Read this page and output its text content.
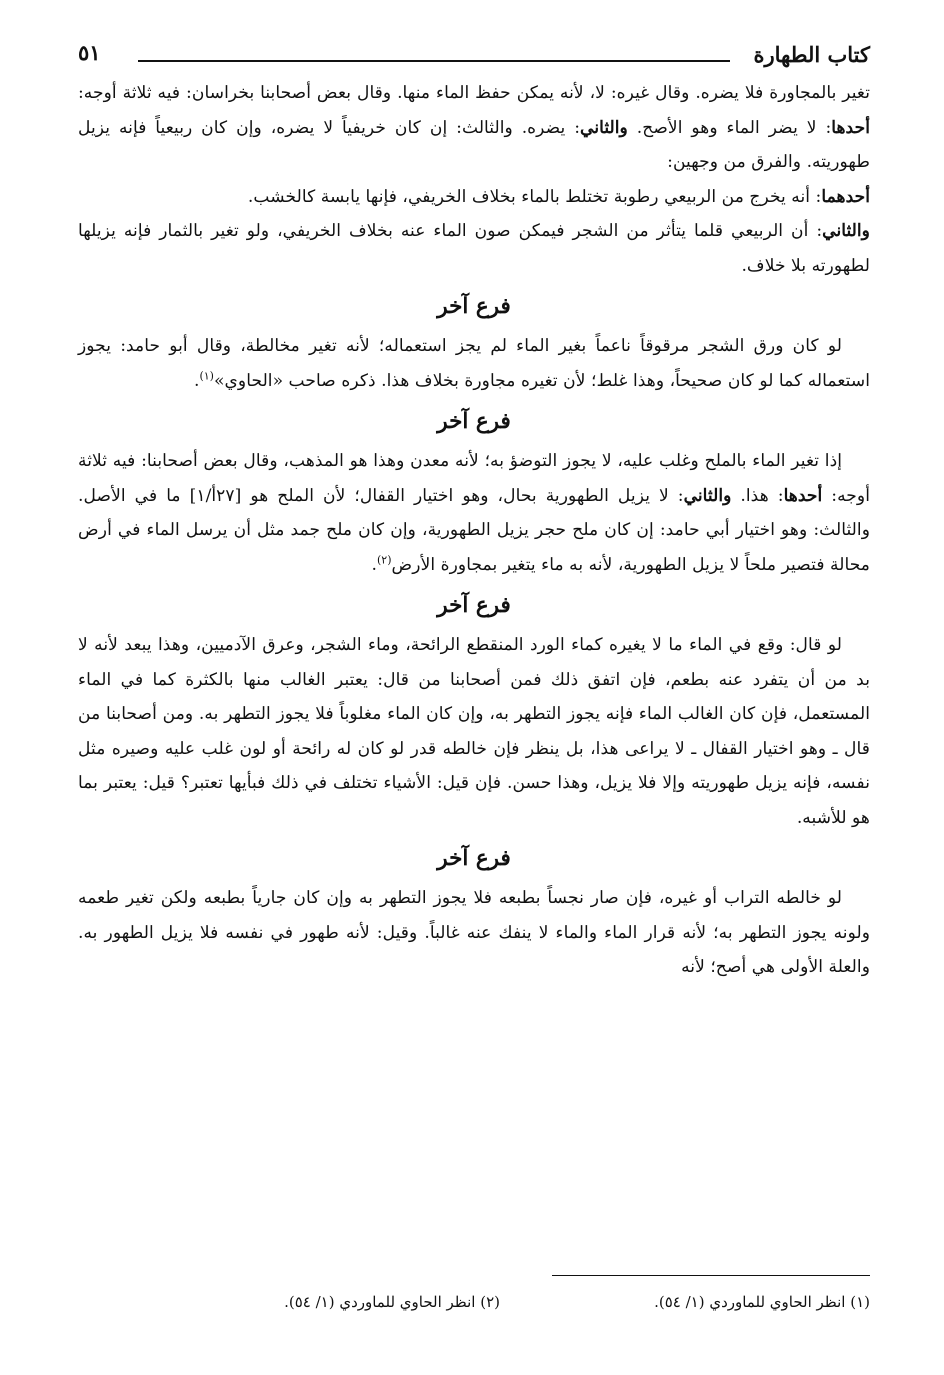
كتاب الطهارة
٥١

تغير بالمجاورة فلا يضره. وقال غيره: لا، لأنه يمكن حفظ الماء منها. وقال بعض أصحابنا بخراسان: فيه ثلاثة أوجه: أحدها: لا يضر الماء وهو الأصح. والثاني: يضره. والثالث: إن كان خريفياً لا يضره، وإن كان ربيعياً فإنه يزيل طهوريته. والفرق من وجهين:

أحدهما: أنه يخرج من الربيعي رطوبة تختلط بالماء بخلاف الخريفي، فإنها يابسة كالخشب.

والثاني: أن الربيعي قلما يتأثر من الشجر فيمكن صون الماء عنه بخلاف الخريفي، ولو تغير بالثمار فإنه يزيلها لطهورته بلا خلاف.

فرع آخر

لو كان ورق الشجر مرقوقاً ناعماً بغير الماء لم يجز استعماله؛ لأنه تغير مخالطة، وقال أبو حامد: يجوز استعماله كما لو كان صحيحاً، وهذا غلط؛ لأن تغيره مجاورة بخلاف هذا. ذكره صاحب «الحاوي»$^{(١)}$.

فرع آخر

إذا تغير الماء بالملح وغلب عليه، لا يجوز التوضؤ به؛ لأنه معدن وهذا هو المذهب، وقال بعض أصحابنا: فيه ثلاثة أوجه: أحدها: هذا. والثاني: لا يزيل الطهورية بحال، وهو اختيار القفال؛ لأن الملح هو [٢٧أ/١] ما في الأصل. والثالث: وهو اختيار أبي حامد: إن كان ملح حجر يزيل الطهورية، وإن كان ملح جمد مثل أن يرسل الماء في أرض محالة فتصير ملحاً لا يزيل الطهورية، لأنه به ماء يتغير بمجاورة الأرض$^{(٢)}$.

فرع آخر

لو قال: وقع في الماء ما لا يغيره كماء الورد المنقطع الرائحة، وماء الشجر، وعرق الآدميين، وهذا يبعد لأنه لا بد من أن يتفرد عنه بطعم، فإن اتفق ذلك فمن أصحابنا من قال: يعتبر الغالب منها بالكثرة كما في الماء المستعمل، فإن كان الغالب الماء فإنه يجوز التطهر به، وإن كان الماء مغلوباً فلا يجوز التطهر به. ومن أصحابنا من قال ـ وهو اختيار القفال ـ لا يراعى هذا، بل ينظر فإن خالطه قدر لو كان له رائحة أو لون غلب عليه وصيره مثل نفسه، فإنه يزيل طهوريته وإلا فلا يزيل، وهذا حسن. فإن قيل: الأشياء تختلف في ذلك فبأيها تعتبر؟ قيل: يعتبر بما هو للأشبه.

فرع آخر

لو خالطه التراب أو غيره، فإن صار نجساً بطبعه فلا يجوز التطهر به وإن كان جارياً بطبعه ولكن تغير طعمه ولونه يجوز التطهر به؛ لأنه قرار الماء والماء لا ينفك عنه غالباً. وقيل: لأنه طهور في نفسه فلا يزيل الطهور به. والعلة الأولى هي أصح؛ لأنه

(١) انظر الحاوي للماوردي (١/ ٥٤).
(٢) انظر الحاوي للماوردي (١/ ٥٤).
